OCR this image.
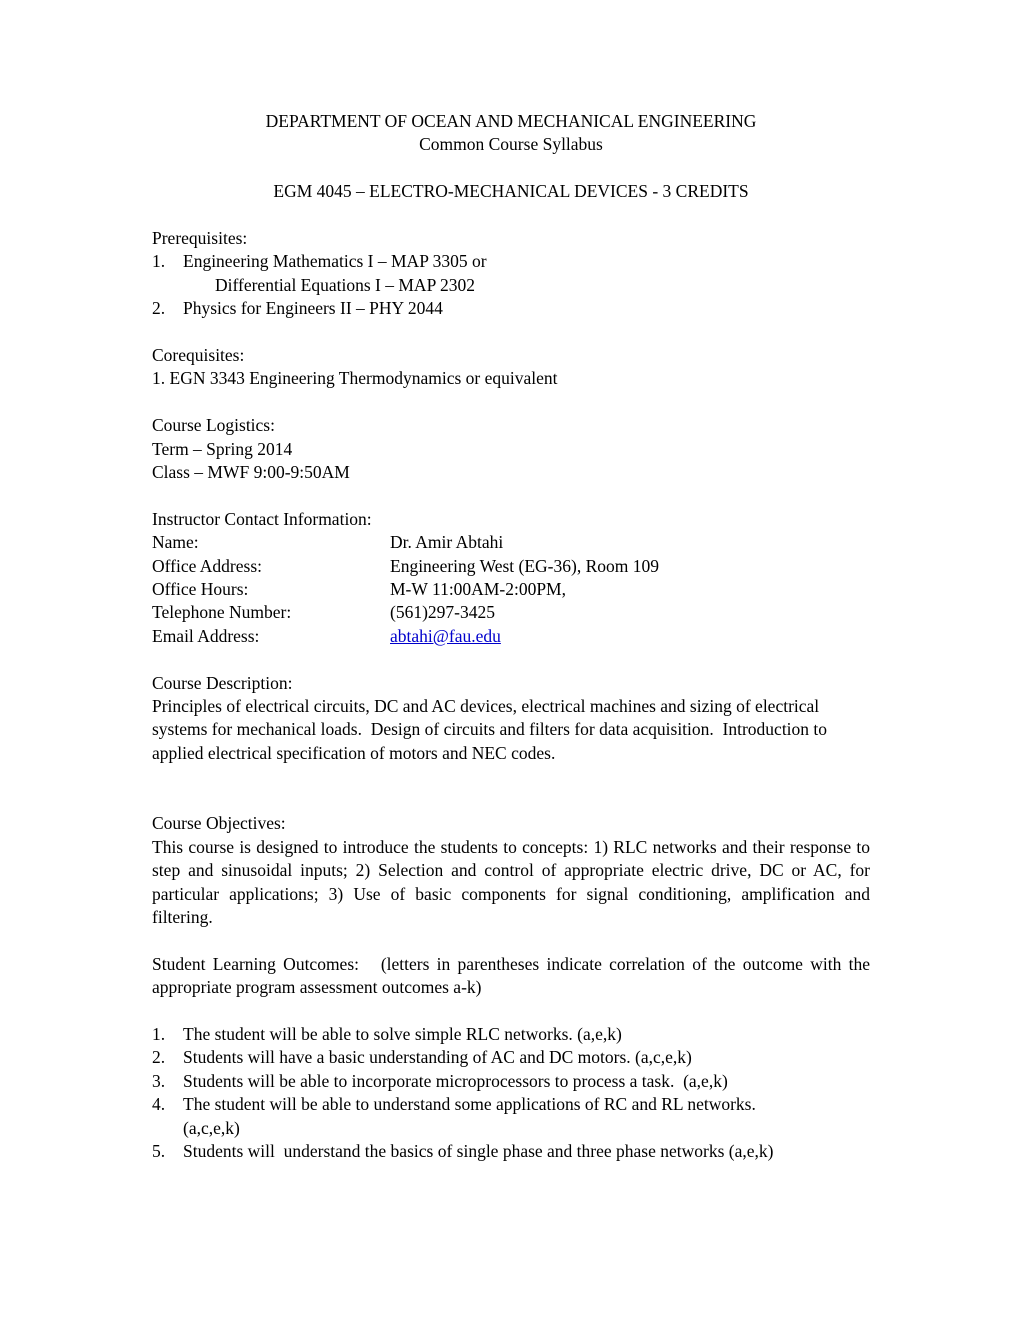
DEPARTMENT OF OCEAN AND MECHANICAL ENGINEERING
Common Course Syllabus
EGM 4045 – ELECTRO-MECHANICAL DEVICES - 3 CREDITS
Prerequisites:
1.	Engineering Mathematics I – MAP 3305 or
Differential Equations I – MAP 2302
2.	Physics for Engineers II – PHY 2044
Corequisites:
1. EGN 3343 Engineering Thermodynamics or equivalent
Course Logistics:
Term – Spring 2014
Class – MWF 9:00-9:50AM
Instructor Contact Information:
Name:	Dr. Amir Abtahi
Office Address:	Engineering West (EG-36), Room 109
Office Hours:	M-W 11:00AM-2:00PM,
Telephone Number:	(561)297-3425
Email Address:	abtahi@fau.edu
Course Description:
Principles of electrical circuits, DC and AC devices, electrical machines and sizing of electrical systems for mechanical loads.  Design of circuits and filters for data acquisition.  Introduction to applied electrical specification of motors and NEC codes.
Course Objectives:
This course is designed to introduce the students to concepts: 1) RLC networks and their response to step and sinusoidal inputs; 2) Selection and control of appropriate electric drive, DC or AC, for particular applications; 3) Use of basic components for signal conditioning, amplification and filtering.
Student Learning Outcomes:   (letters in parentheses indicate correlation of the outcome with the appropriate program assessment outcomes a-k)
1.	The student will be able to solve simple RLC networks. (a,e,k)
2.	Students will have a basic understanding of AC and DC motors. (a,c,e,k)
3.	Students will be able to incorporate microprocessors to process a task.  (a,e,k)
4.	The student will be able to understand some applications of RC and RL networks.
(a,c,e,k)
5.	Students will  understand the basics of single phase and three phase networks (a,e,k)
